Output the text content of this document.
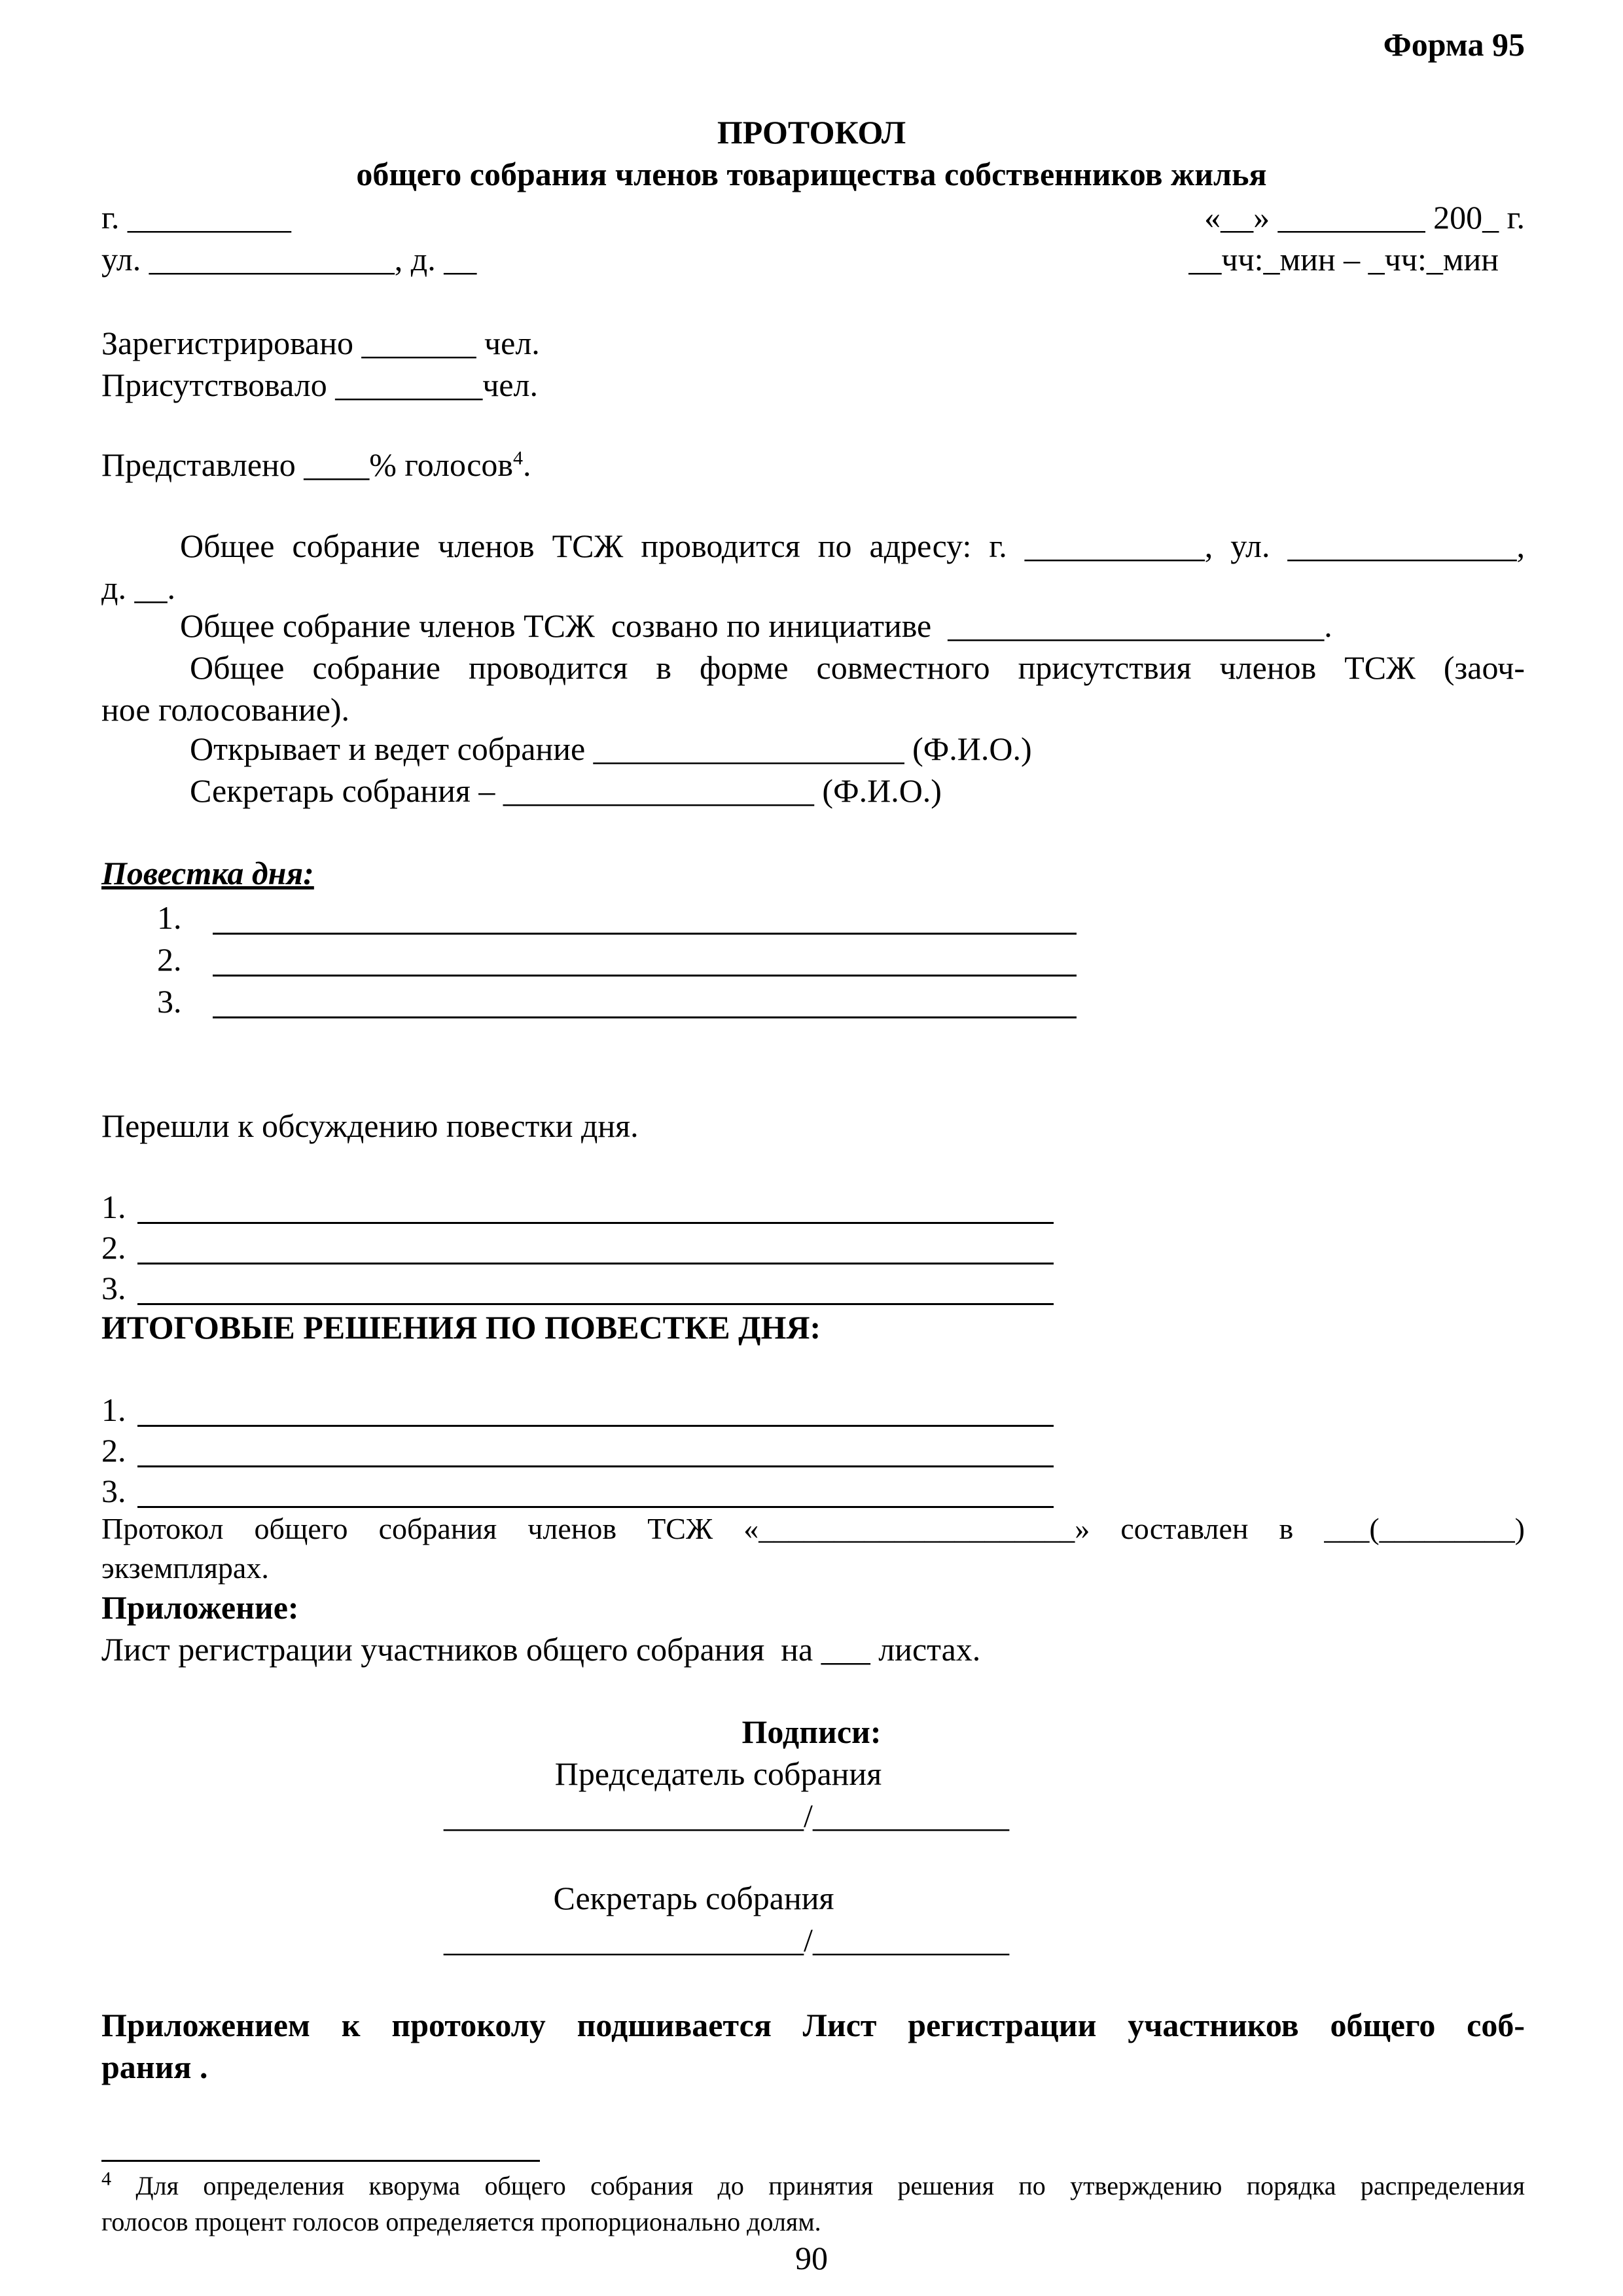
Форма 95
ПРОТОКОЛ
общего собрания членов товарищества собственников жилья
г. __________	«__» _________ 200_ г.
ул. _______________, д. __	__чч:_мин – _чч:_мин
Зарегистрировано _______ чел.
Присутствовало _________чел.
Представлено ____% голосов$^4$.
Общее собрание членов ТСЖ проводится по адресу: г. ___________, ул. ______________,
д. __.
Общее собрание членов ТСЖ  созвано по инициативе  _______________________.
Общее собрание проводится в форме совместного присутствия членов ТСЖ (заоч-
ное голосование).
Открывает и ведет собрание ___________________ (Ф.И.О.)
Секретарь собрания – ___________________ (Ф.И.О.)
Повестка дня:
1.
2.
3.
Перешли к обсуждению повестки дня.
1.
2.
3.
ИТОГОВЫЕ РЕШЕНИЯ ПО ПОВЕСТКЕ ДНЯ:
1.
2.
3.
Протокол общего собрания членов ТСЖ «_____________________» составлен в ___(_________)
экземплярах.
Приложение:
Лист регистрации участников общего собрания  на ___ листах.
Подписи:
Председатель собрания
______________________/____________
Секретарь собрания
______________________/____________
Приложением к протоколу подшивается Лист регистрации участников общего соб-
рания .
$^4$ Для определения кворума общего собрания до принятия решения по утверждению порядка распределения
голосов процент голосов определяется пропорционально долям.
90
